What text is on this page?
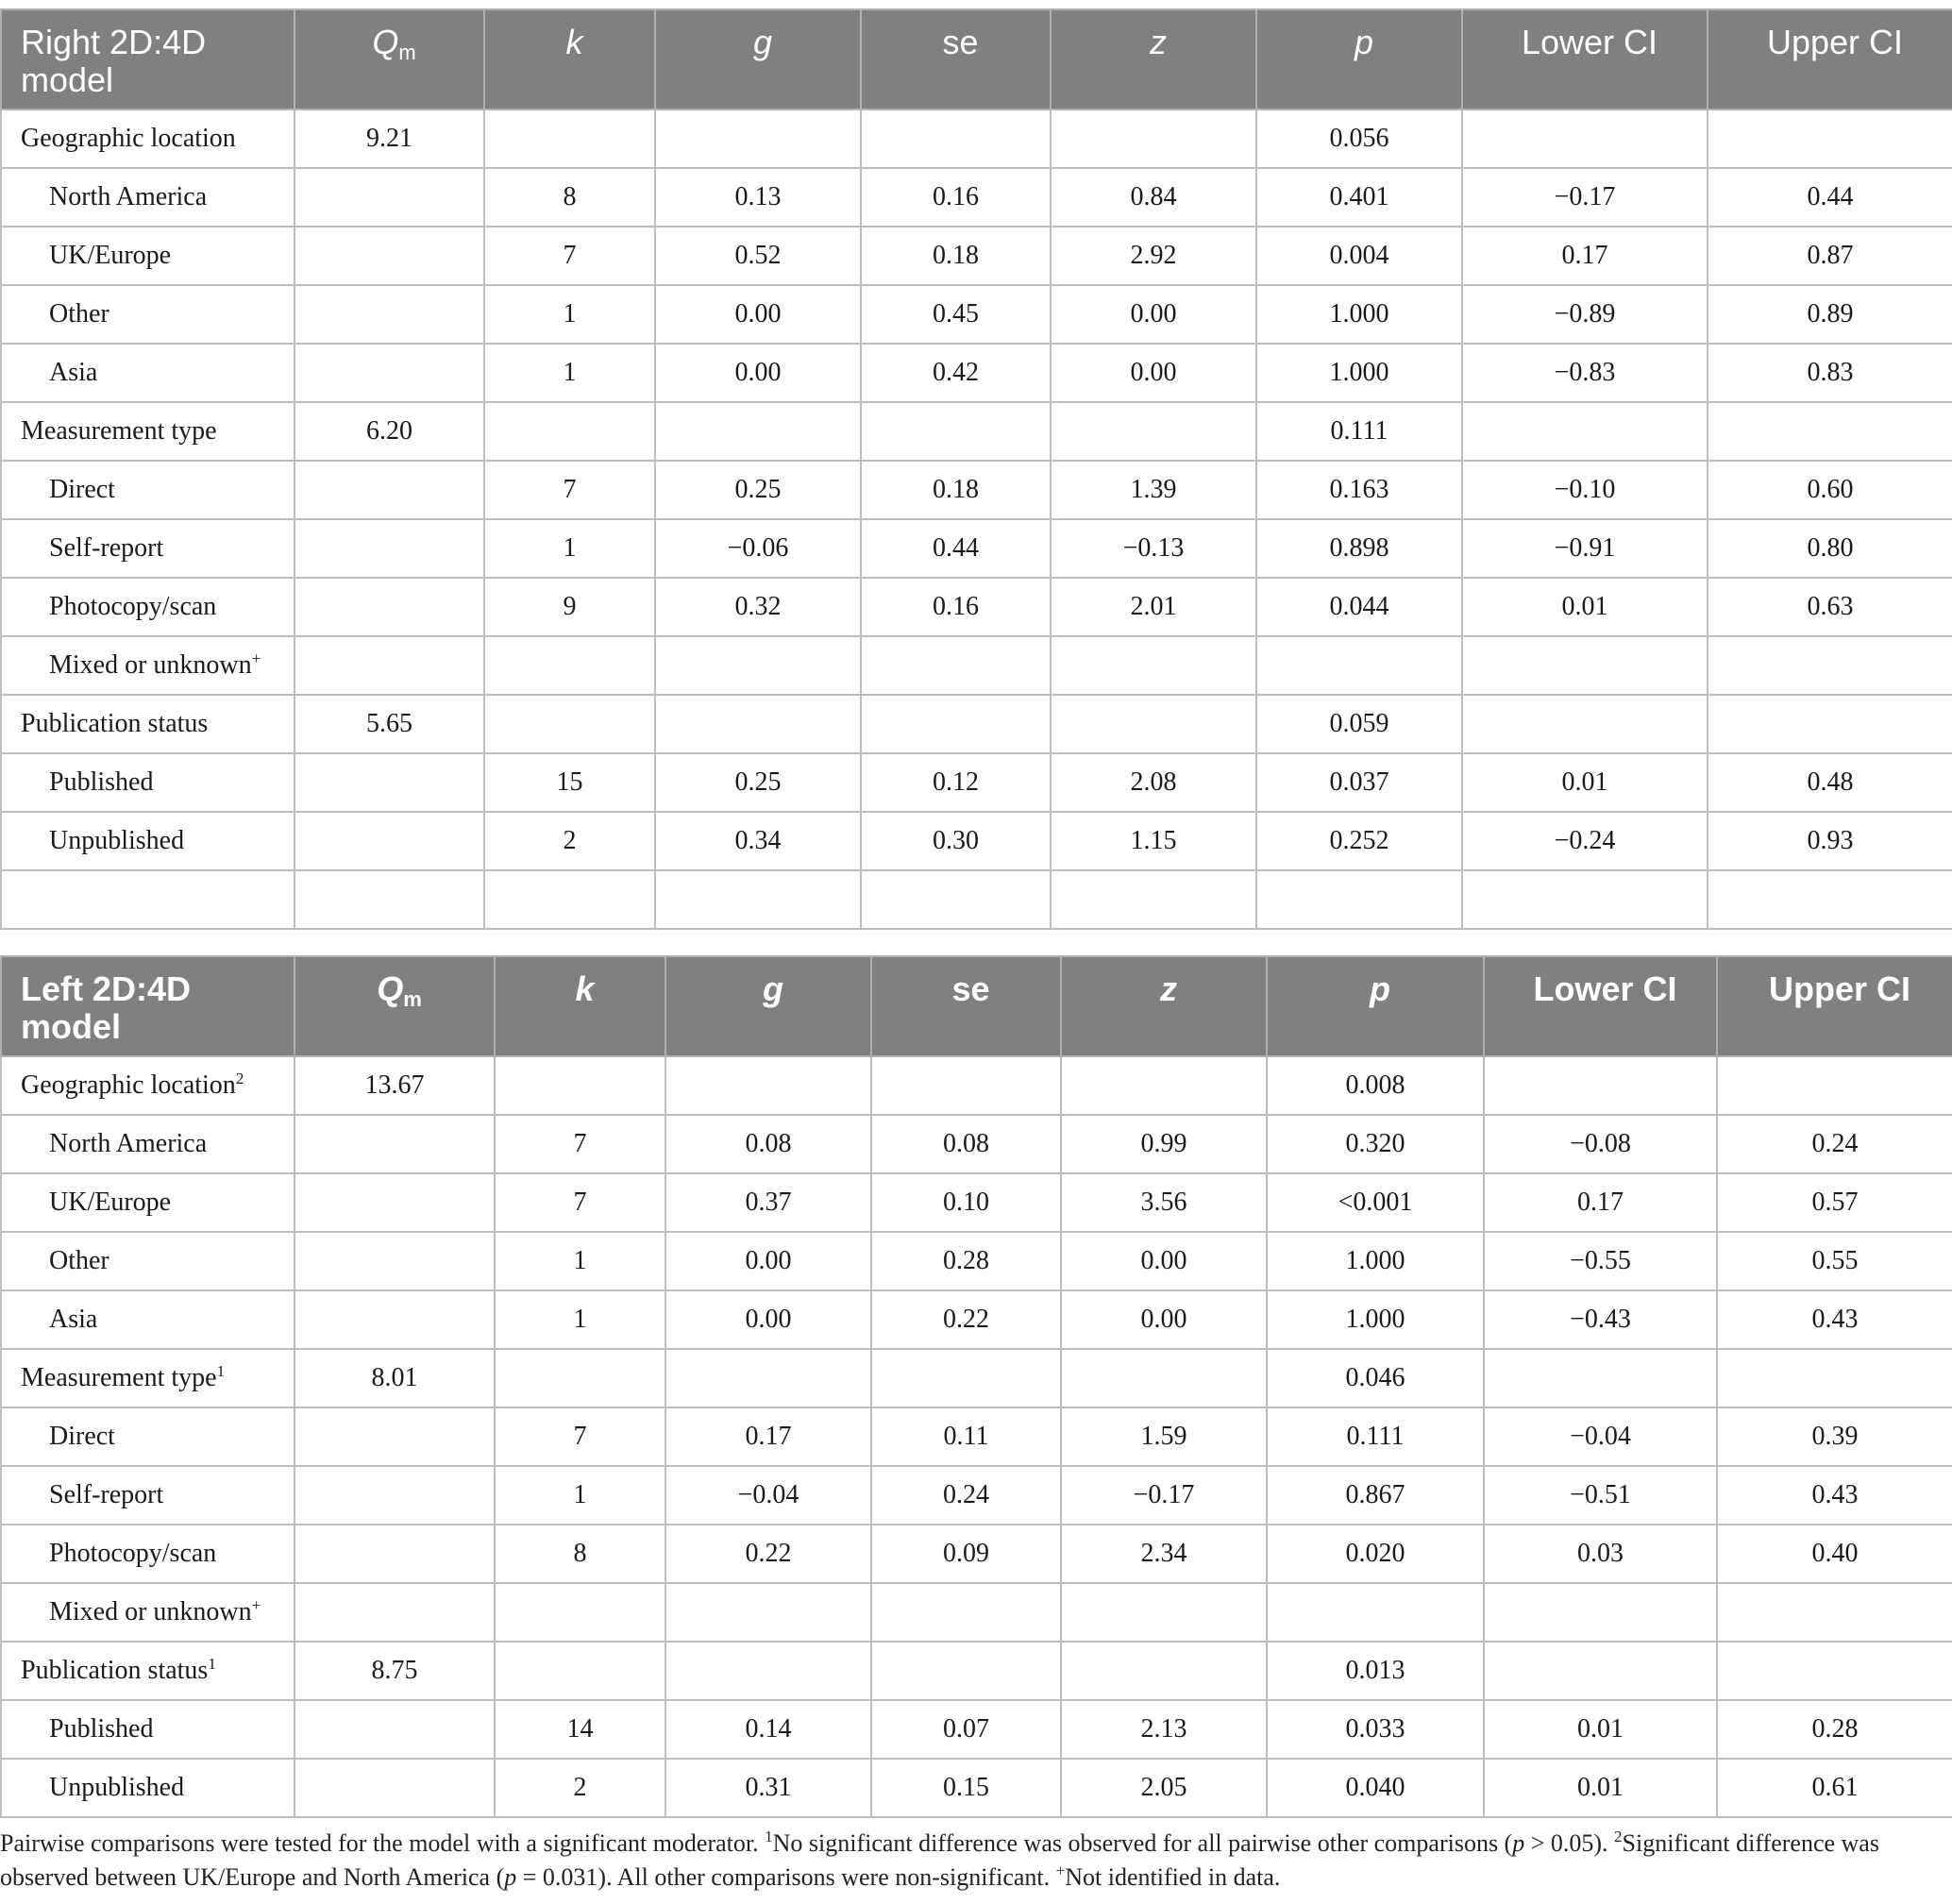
Right 2D:4D model	$Q_m$	k	g	se	z	p	Lower CI	Upper CI
Geographic location	9.21					0.056		
North America		8	0.13	0.16	0.84	0.401	−0.17	0.44
UK/Europe		7	0.52	0.18	2.92	0.004	0.17	0.87
Other		1	0.00	0.45	0.00	1.000	−0.89	0.89
Asia		1	0.00	0.42	0.00	1.000	−0.83	0.83
Measurement type	6.20					0.111		
Direct		7	0.25	0.18	1.39	0.163	−0.10	0.60
Self-report		1	−0.06	0.44	−0.13	0.898	−0.91	0.80
Photocopy/scan		9	0.32	0.16	2.01	0.044	0.01	0.63
Mixed or unknown+								
Publication status	5.65					0.059		
Published		15	0.25	0.12	2.08	0.037	0.01	0.48
Unpublished		2	0.34	0.30	1.15	0.252	−0.24	0.93

Left 2D:4D model	$Q_m$	k	g	se	z	p	Lower CI	Upper CI
Geographic location$^2$	13.67					0.008		
North America		7	0.08	0.08	0.99	0.320	−0.08	0.24
UK/Europe		7	0.37	0.10	3.56	<0.001	0.17	0.57
Other		1	0.00	0.28	0.00	1.000	−0.55	0.55
Asia		1	0.00	0.22	0.00	1.000	−0.43	0.43
Measurement type$^1$	8.01					0.046		
Direct		7	0.17	0.11	1.59	0.111	−0.04	0.39
Self-report		1	−0.04	0.24	−0.17	0.867	−0.51	0.43
Photocopy/scan		8	0.22	0.09	2.34	0.020	0.03	0.40
Mixed or unknown+								
Publication status$^1$	8.75					0.013		
Published		14	0.14	0.07	2.13	0.033	0.01	0.28
Unpublished		2	0.31	0.15	2.05	0.040	0.01	0.61
Pairwise comparisons were tested for the model with a significant moderator. $^1$No significant difference was observed for all pairwise other comparisons (p > 0.05). $^2$Significant difference was observed between UK/Europe and North America (p = 0.031). All other comparisons were non-significant. +Not identified in data.
